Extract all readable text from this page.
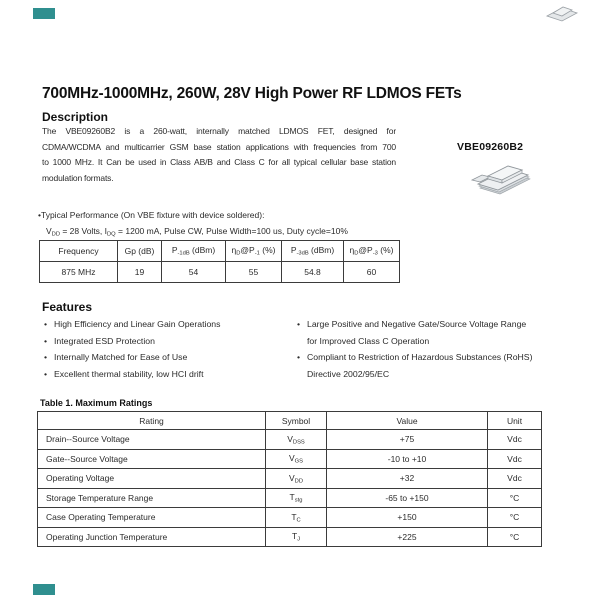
700MHz-1000MHz, 260W, 28V High Power RF LDMOS FETs
Description
The VBE09260B2 is a 260-watt, internally matched LDMOS FET, designed for
CDMA/WCDMA and multicarrier GSM base station applications with frequencies from 700
to 1000 MHz. It Can be used in Class AB/B and Class C for all typical cellular base station
modulation formats.
VBE09260B2
•Typical Performance (On VBE fixture with device soldered):
VDD = 28 Volts, IDQ = 1200 mA, Pulse CW, Pulse Width=100 us, Duty cycle=10%
Frequency	Gp (dB)	P-1dB (dBm)	ηD@P-1 (%)	P-3dB (dBm)	ηD@P-3 (%)
875 MHz	19	54	55	54.8	60
Features
• High Efficiency and Linear Gain Operations
• Integrated ESD Protection
• Internally Matched for Ease of Use
• Excellent thermal stability, low HCI drift
• Large Positive and Negative Gate/Source Voltage Range
for Improved Class C Operation
• Compliant to Restriction of Hazardous Substances (RoHS)
Directive 2002/95/EC
Table 1. Maximum Ratings
Rating	Symbol	Value	Unit
Drain--Source Voltage	VDSS	+75	Vdc
Gate--Source Voltage	VGS	-10 to +10	Vdc
Operating Voltage	VDD	+32	Vdc
Storage Temperature Range	Tstg	-65 to +150	°C
Case Operating Temperature	TC	+150	°C
Operating Junction Temperature	TJ	+225	°C
